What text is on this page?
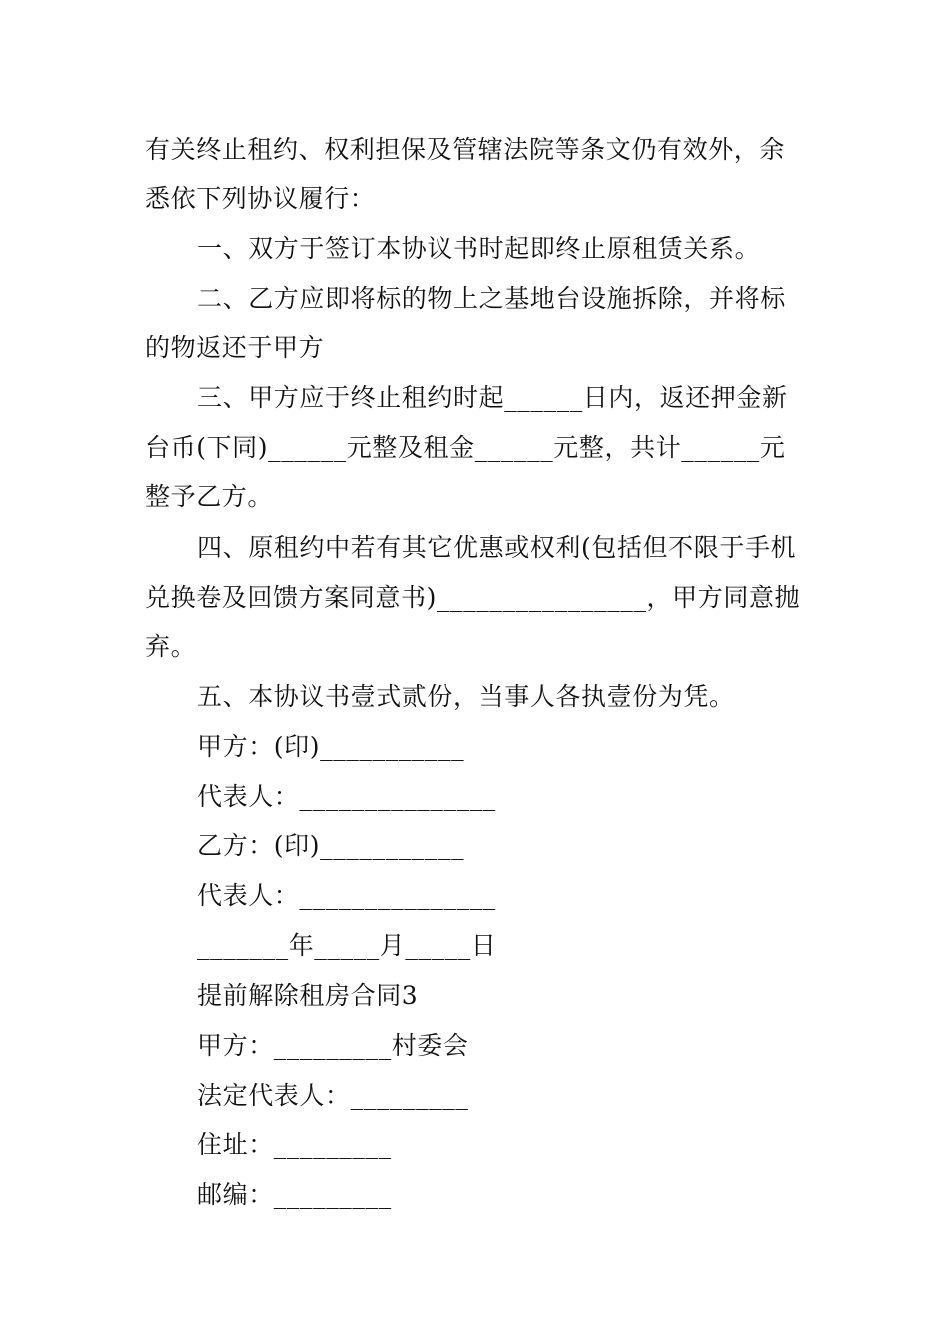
有关终止租约、权利担保及管辖法院等条文仍有效外，余
悉依下列协议履行：
一、双方于签订本协议书时起即终止原租赁关系。
二、乙方应即将标的物上之基地台设施拆除，并将标
的物返还于甲方
三、甲方应于终止租约时起______日内，返还押金新
台币(下同)______元整及租金______元整，共计______元
整予乙方。
四、原租约中若有其它优惠或权利(包括但不限于手机
兑换卷及回馈方案同意书)________________，甲方同意抛
弃。
五、本协议书壹式贰份，当事人各执壹份为凭。
甲方：(印)___________
代表人：_______________
乙方：(印)___________
代表人：_______________
_______年_____月_____日
提前解除租房合同3
甲方：_________村委会
法定代表人：_________
住址：_________
邮编：_________
